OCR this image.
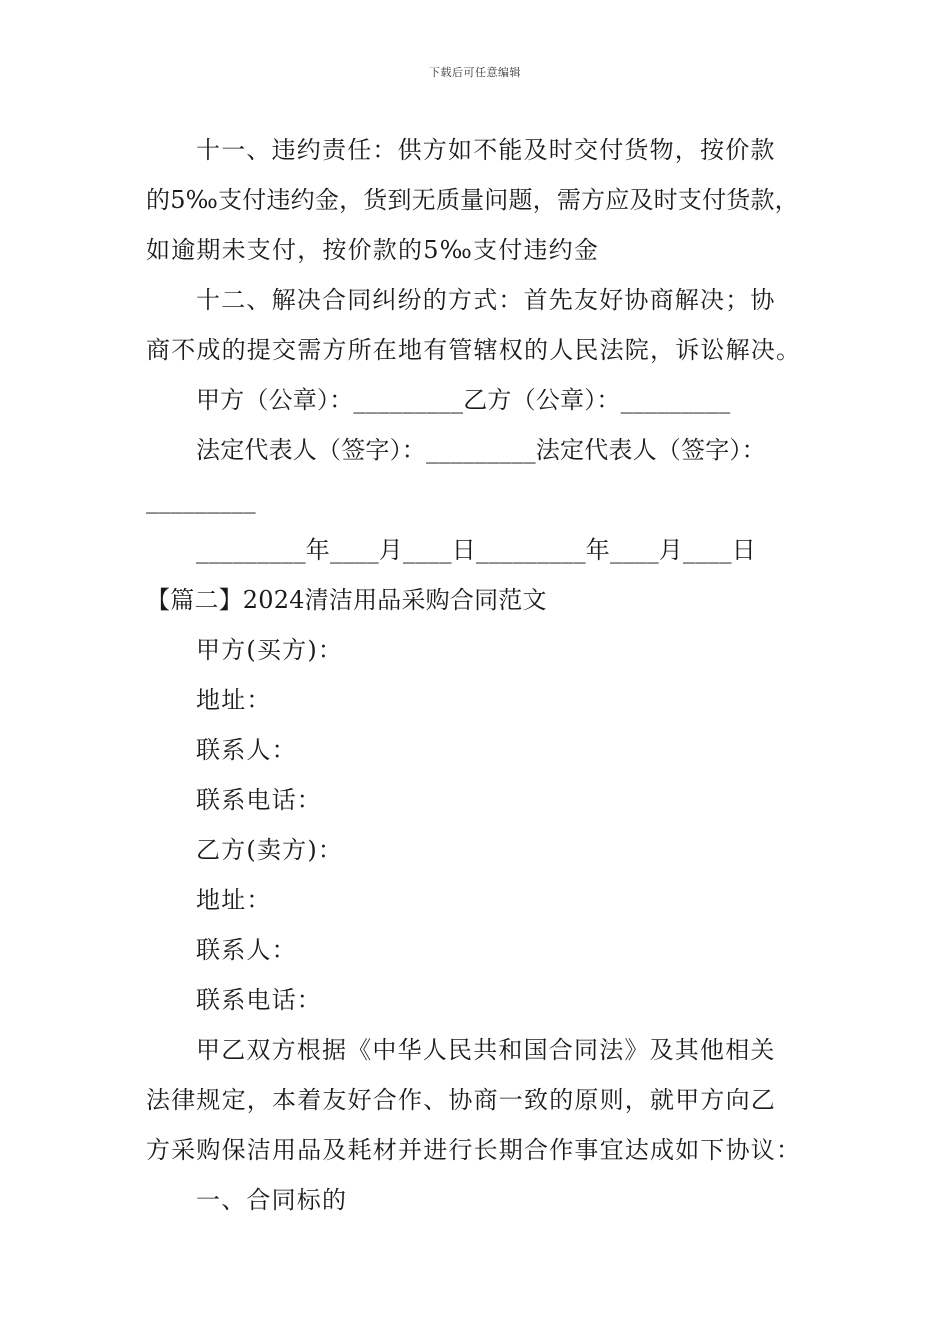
下载后可任意编辑
十一、违约责任：供方如不能及时交付货物，按价款
的5‰支付违约金，货到无质量问题，需方应及时支付货款，
如逾期未支付，按价款的5‰支付违约金
十二、解决合同纠纷的方式：首先友好协商解决；协
商不成的提交需方所在地有管辖权的人民法院，诉讼解决。
甲方（公章）：_________乙方（公章）：_________
法定代表人（签字）：_________法定代表人（签字）：
_________
_________年____月____日_________年____月____日
【篇二】2024清洁用品采购合同范文
甲方(买方)：
地址：
联系人：
联系电话：
乙方(卖方)：
地址：
联系人：
联系电话：
甲乙双方根据《中华人民共和国合同法》及其他相关
法律规定，本着友好合作、协商一致的原则，就甲方向乙
方采购保洁用品及耗材并进行长期合作事宜达成如下协议：
一、合同标的
